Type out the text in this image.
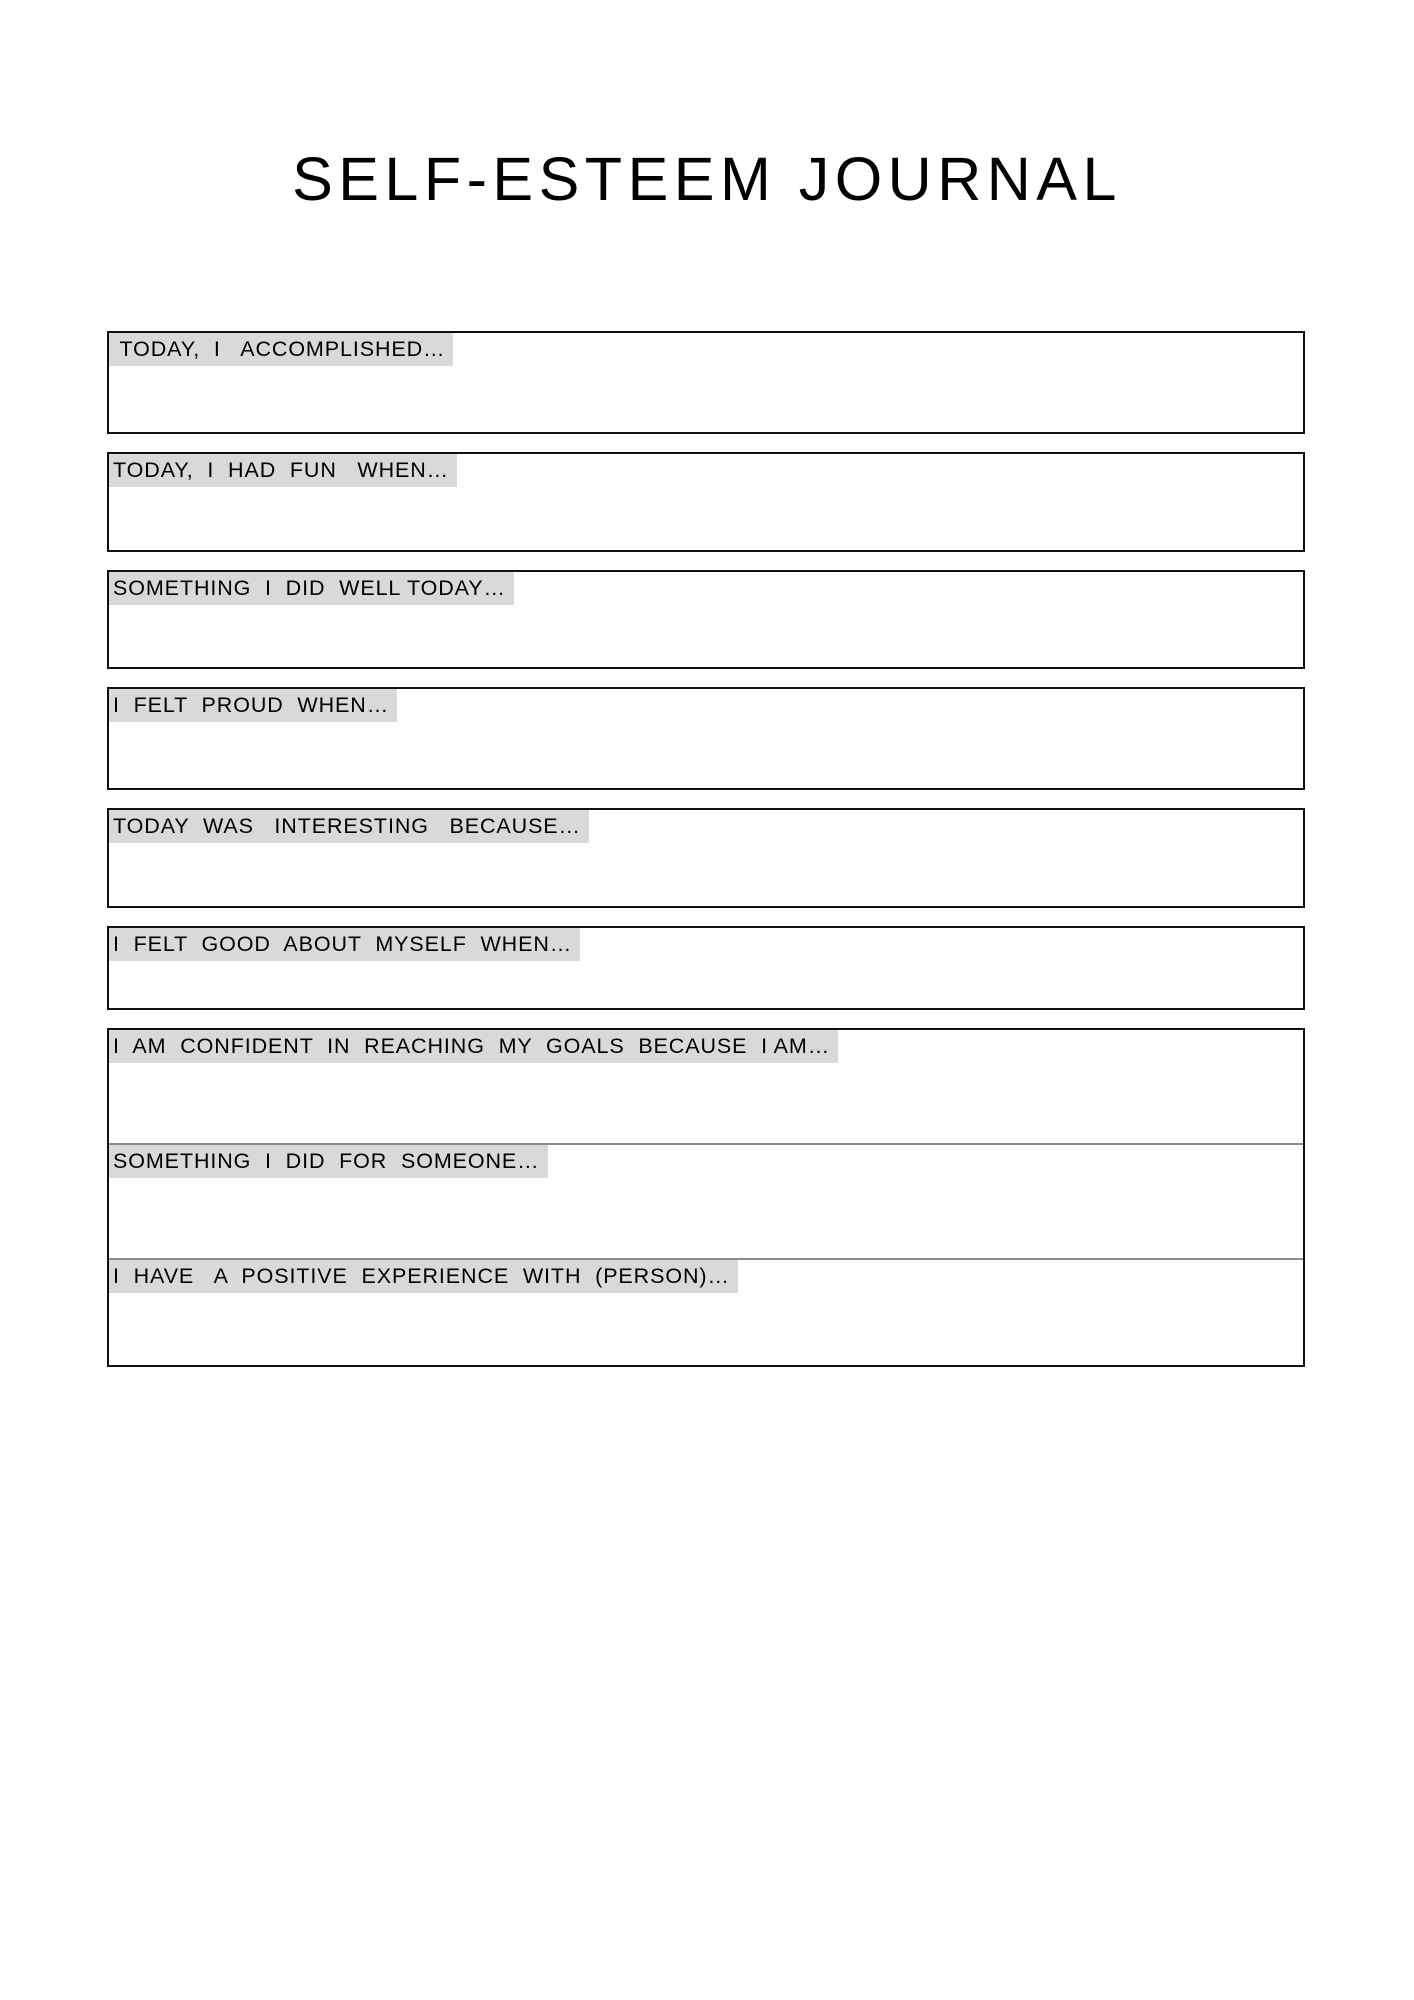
SELF-ESTEEM JOURNAL
TODAY,  I   ACCOMPLISHED…
TODAY,  I  HAD  FUN   WHEN…
SOMETHING  I  DID  WELL TODAY…
I  FELT  PROUD  WHEN…
TODAY  WAS   INTERESTING   BECAUSE…
I  FELT  GOOD  ABOUT  MYSELF  WHEN…
I  AM  CONFIDENT  IN  REACHING  MY  GOALS  BECAUSE  I AM…
SOMETHING  I  DID  FOR  SOMEONE…
I  HAVE   A  POSITIVE  EXPERIENCE  WITH  (PERSON)…
